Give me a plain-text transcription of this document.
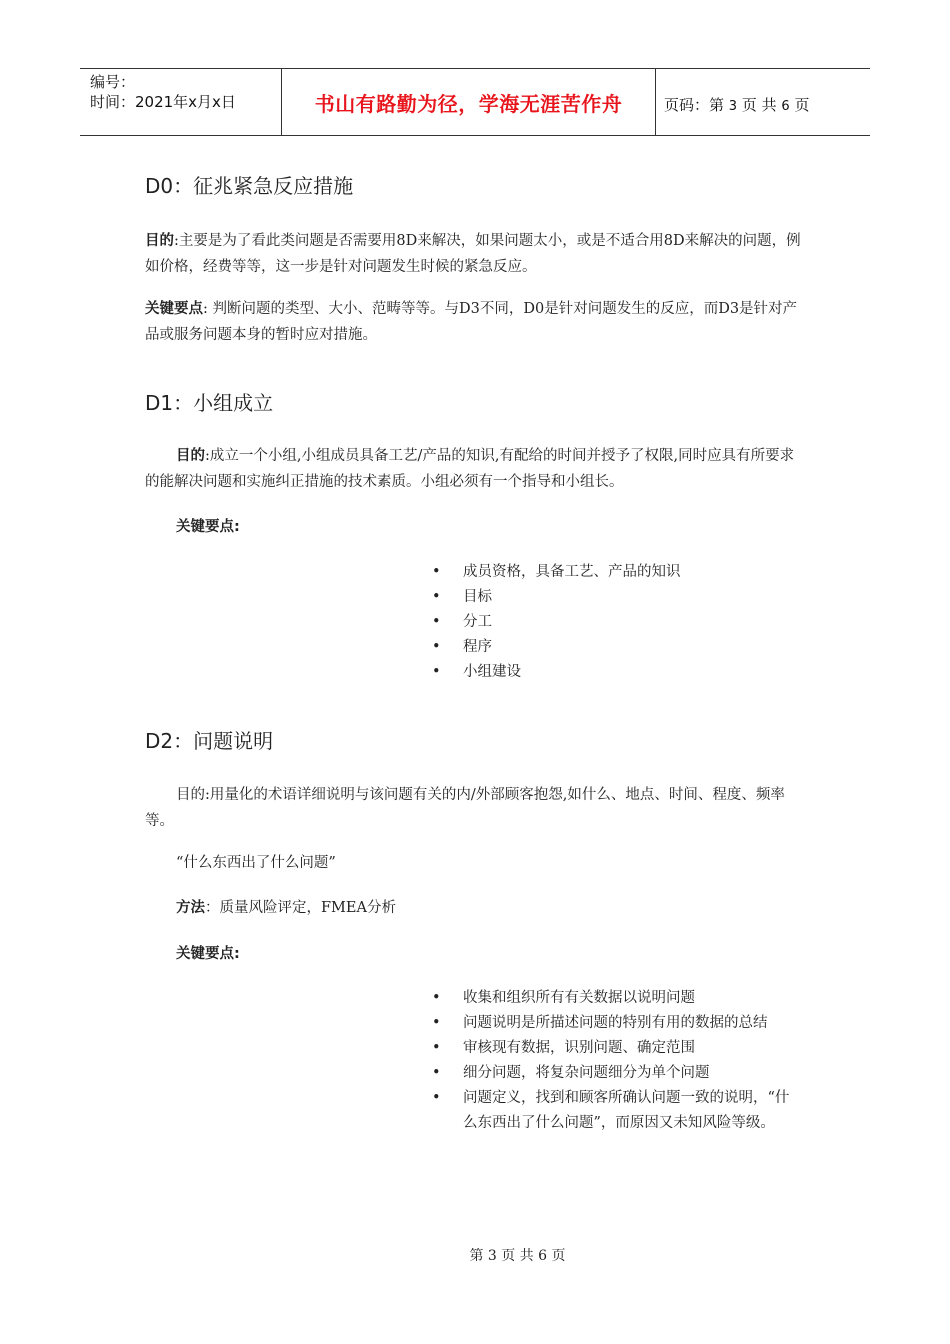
编号：
时间：2021年x月x日	书山有路勤为径，学海无涯苦作舟	页码：第 3 页 共 6 页
D0：征兆紧急反应措施
目的:主要是为了看此类问题是否需要用8D来解决，如果问题太小，或是不适合用8D来解决的问题，例如价格，经费等等，这一步是针对问题发生时候的紧急反应。
关键要点: 判断问题的类型、大小、范畴等等。与D3不同，D0是针对问题发生的反应，而D3是针对产品或服务问题本身的暂时应对措施。
D1：小组成立
目的:成立一个小组,小组成员具备工艺/产品的知识,有配给的时间并授予了权限,同时应具有所要求的能解决问题和实施纠正措施的技术素质。小组必须有一个指导和小组长。
关键要点:
• 成员资格，具备工艺、产品的知识
• 目标
• 分工
• 程序
• 小组建设
D2：问题说明
目的:用量化的术语详细说明与该问题有关的内/外部顾客抱怨,如什么、地点、时间、程度、频率等。
“什么东西出了什么问题”
方法：质量风险评定，FMEA分析
关键要点:
• 收集和组织所有有关数据以说明问题
• 问题说明是所描述问题的特别有用的数据的总结
• 审核现有数据，识别问题、确定范围
• 细分问题，将复杂问题细分为单个问题
• 问题定义，找到和顾客所确认问题一致的说明，“什么东西出了什么问题”，而原因又未知风险等级。
第 3 页 共 6 页
